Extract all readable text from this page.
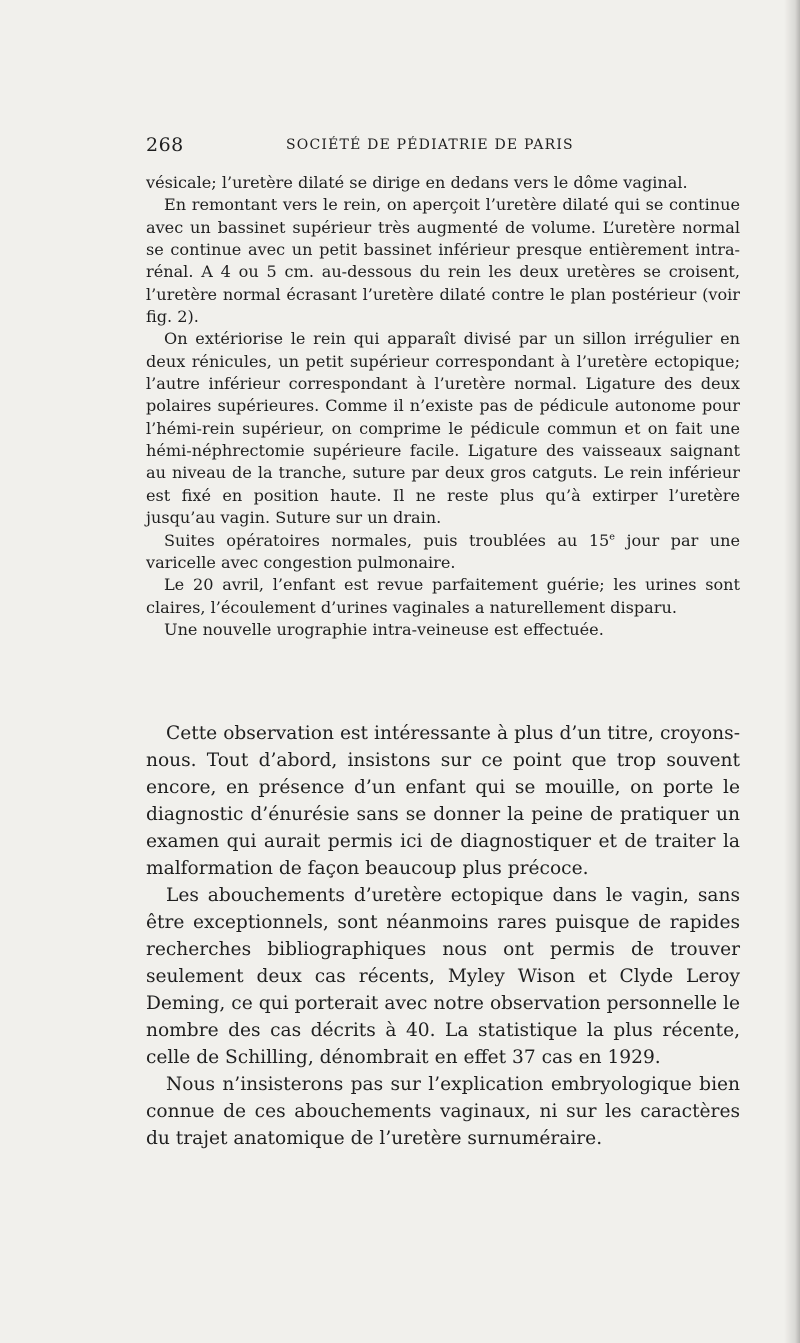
268	SOCIÉTÉ DE PÉDIATRIE DE PARIS

vésicale; l’uretère dilaté se dirige en dedans vers le dôme vaginal.

En remontant vers le rein, on aperçoit l’uretère dilaté qui se continue avec un bassinet supérieur très augmenté de volume. L’uretère normal se continue avec un petit bassinet inférieur presque entièrement intra-rénal. A 4 ou 5 cm. au-dessous du rein les deux uretères se croisent, l’uretère normal écrasant l’uretère dilaté contre le plan postérieur (voir fig. 2).

On extériorise le rein qui apparaît divisé par un sillon irrégulier en deux rénicules, un petit supérieur correspondant à l’uretère ectopique; l’autre inférieur correspondant à l’uretère normal. Ligature des deux polaires supérieures. Comme il n’existe pas de pédicule autonome pour l’hémi-rein supérieur, on comprime le pédicule commun et on fait une hémi-néphrectomie supérieure facile. Ligature des vaisseaux saignant au niveau de la tranche, suture par deux gros catguts. Le rein inférieur est fixé en position haute. Il ne reste plus qu’à extirper l’uretère jusqu’au vagin. Suture sur un drain.

Suites opératoires normales, puis troublées au 15e jour par une varicelle avec congestion pulmonaire.

Le 20 avril, l’enfant est revue parfaitement guérie; les urines sont claires, l’écoulement d’urines vaginales a naturellement disparu.

Une nouvelle urographie intra-veineuse est effectuée.

Cette observation est intéressante à plus d’un titre, croyons-nous. Tout d’abord, insistons sur ce point que trop souvent encore, en présence d’un enfant qui se mouille, on porte le diagnostic d’énurésie sans se donner la peine de pratiquer un examen qui aurait permis ici de diagnostiquer et de traiter la malformation de façon beaucoup plus précoce.

Les abouchements d’uretère ectopique dans le vagin, sans être exceptionnels, sont néanmoins rares puisque de rapides recherches bibliographiques nous ont permis de trouver seulement deux cas récents, Myley Wison et Clyde Leroy Deming, ce qui porterait avec notre observation personnelle le nombre des cas décrits à 40. La statistique la plus récente, celle de Schilling, dénombrait en effet 37 cas en 1929.

Nous n’insisterons pas sur l’explication embryologique bien connue de ces abouchements vaginaux, ni sur les caractères du trajet anatomique de l’uretère surnuméraire.
